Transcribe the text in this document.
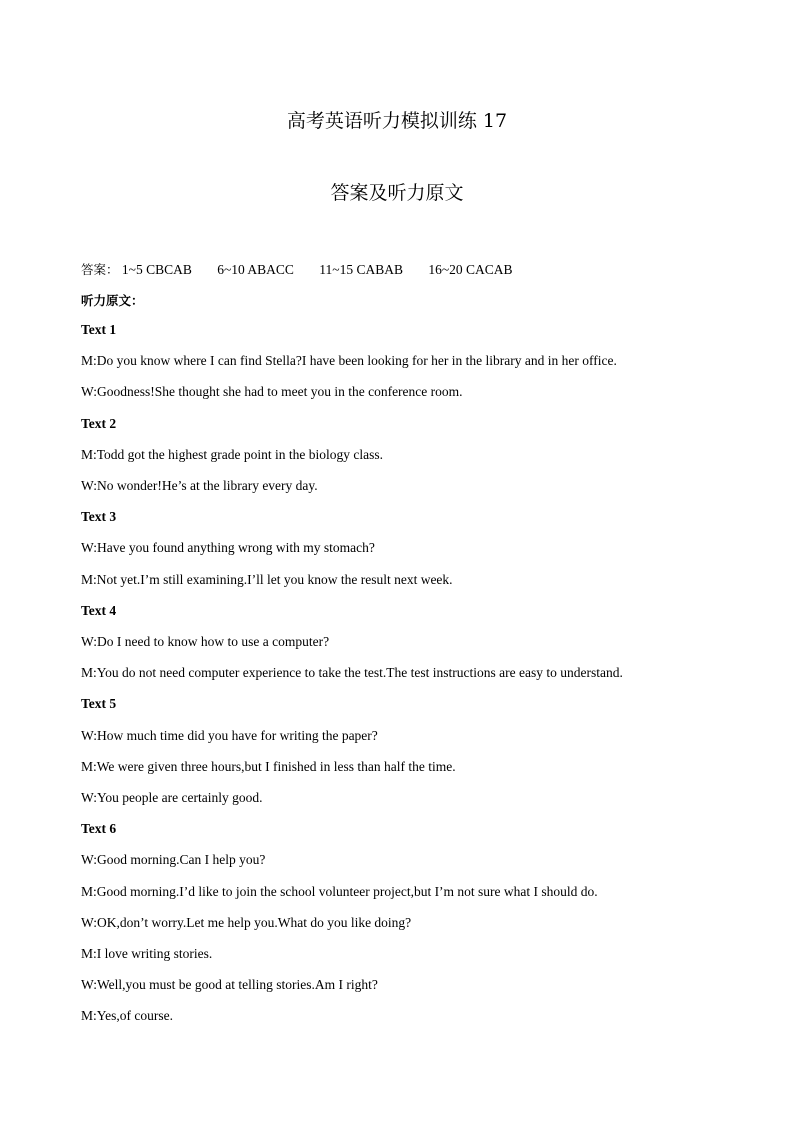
高考英语听力模拟训练 17
答案及听力原文
答案： 1~5 CBCAB 6~10 ABACC 11~15 CABAB 16~20 CACAB
听力原文：
Text 1
M:Do you know where I can find Stella?I have been looking for her in the library and in her office.
W:Goodness!She thought she had to meet you in the conference room.
Text 2
M:Todd got the highest grade point in the biology class.
W:No wonder!He’s at the library every day.
Text 3
W:Have you found anything wrong with my stomach?
M:Not yet.I’m still examining.I’ll let you know the result next week.
Text 4
W:Do I need to know how to use a computer?
M:You do not need computer experience to take the test.The test instructions are easy to understand.
Text 5
W:How much time did you have for writing the paper?
M:We were given three hours,but I finished in less than half the time.
W:You people are certainly good.
Text 6
W:Good morning.Can I help you?
M:Good morning.I’d like to join the school volunteer project,but I’m not sure what I should do.
W:OK,don’t worry.Let me help you.What do you like doing?
M:I love writing stories.
W:Well,you must be good at telling stories.Am I right?
M:Yes,of course.
